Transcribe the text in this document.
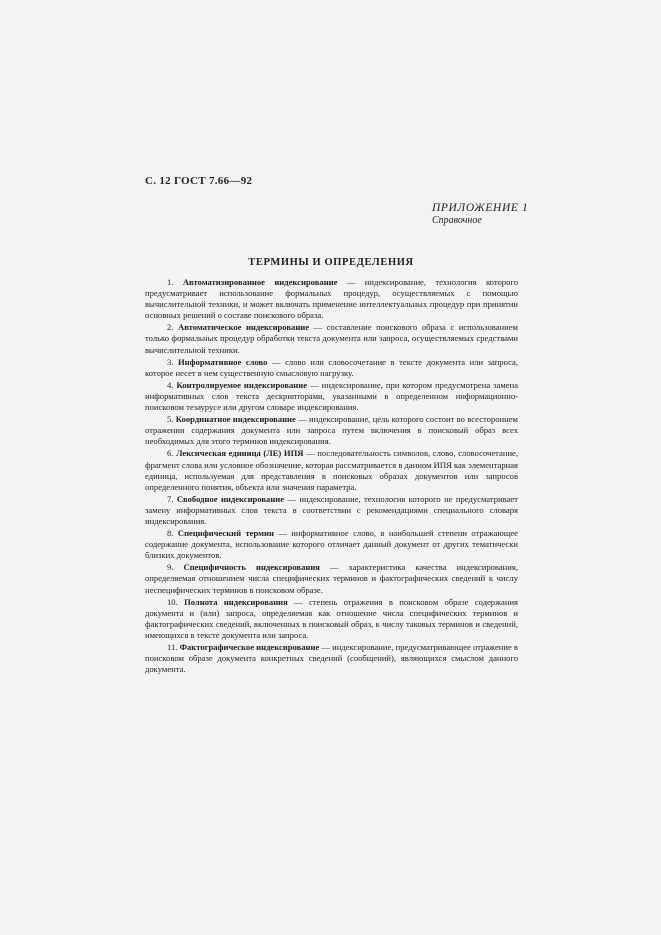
С. 12 ГОСТ 7.66—92
ПРИЛОЖЕНИЕ 1
Справочное
ТЕРМИНЫ И ОПРЕДЕЛЕНИЯ

1. Автоматизированное индексирование —	индексирование, технология которого предусматривает использование формальных процедур, осуществляемых с помощью вычислительной техники, и может включать применение интеллектуальных процедур при принятии основных решений о составе поискового образа.

2. Автоматическое индексирование — составление поискового образа с использованием только формальных процедур обработки текста документа или запроса, осуществляемых средствами вычислительной техники.

3. Информативное слово — слово или словосочетание в тексте документа или запроса, которое несет в нем существенную смысловую нагрузку.

4. Контролируемое индексирование — индексирование, при котором предусмотрена замена информативных слов текста дескрипторами, указанными в определенном информационно-поисковом тезаурусе или другом словаре индексирования.

5. Координатное индексирование — индексирование, цель которого состоит во всестороннем отражении содержания документа или запроса путем включения в поисковый образ всех необходимых для этого терминов индексирования.

6. Лексическая единица (ЛЕ) ИПЯ — последовательность символов, слово, словосочетание, фрагмент слова или условное обозначение, которая рассматривается в данном ИПЯ как элементарная единица, используемая для представления в поисковых образах документов или запросов определенного понятия, объекта или значения параметра.

7. Свободное индексирование — индексирование, технология которого не предусматривает замену информативных слов текста в соответствии с рекомендациями специального словаря индексирования.

8. Специфический термин — информативное слово, в наибольшей степени отражающее содержание документа, использование которого отличает данный документ от других тематически близких документов.

9. Специфичность индексирования —	характеристика качества индексирования, определяемая отношением числа специфических терминов и фактографических сведений к числу неспецифических терминов в поисковом образе.

10. Полнота индексирования — степень отражения в поисковом образе содержания документа и (или) запроса, определяемая как отношение числа специфических терминов и фактографических сведений, включенных в поисковый образ, к числу таковых терминов и сведений, имеющихся в тексте документа или запроса.

11. Фактографическое индексирование — индексирование, предусматривающее отражение в поисковом образе документа конкретных сведений (сообщений), являющихся смыслом данного документа.
